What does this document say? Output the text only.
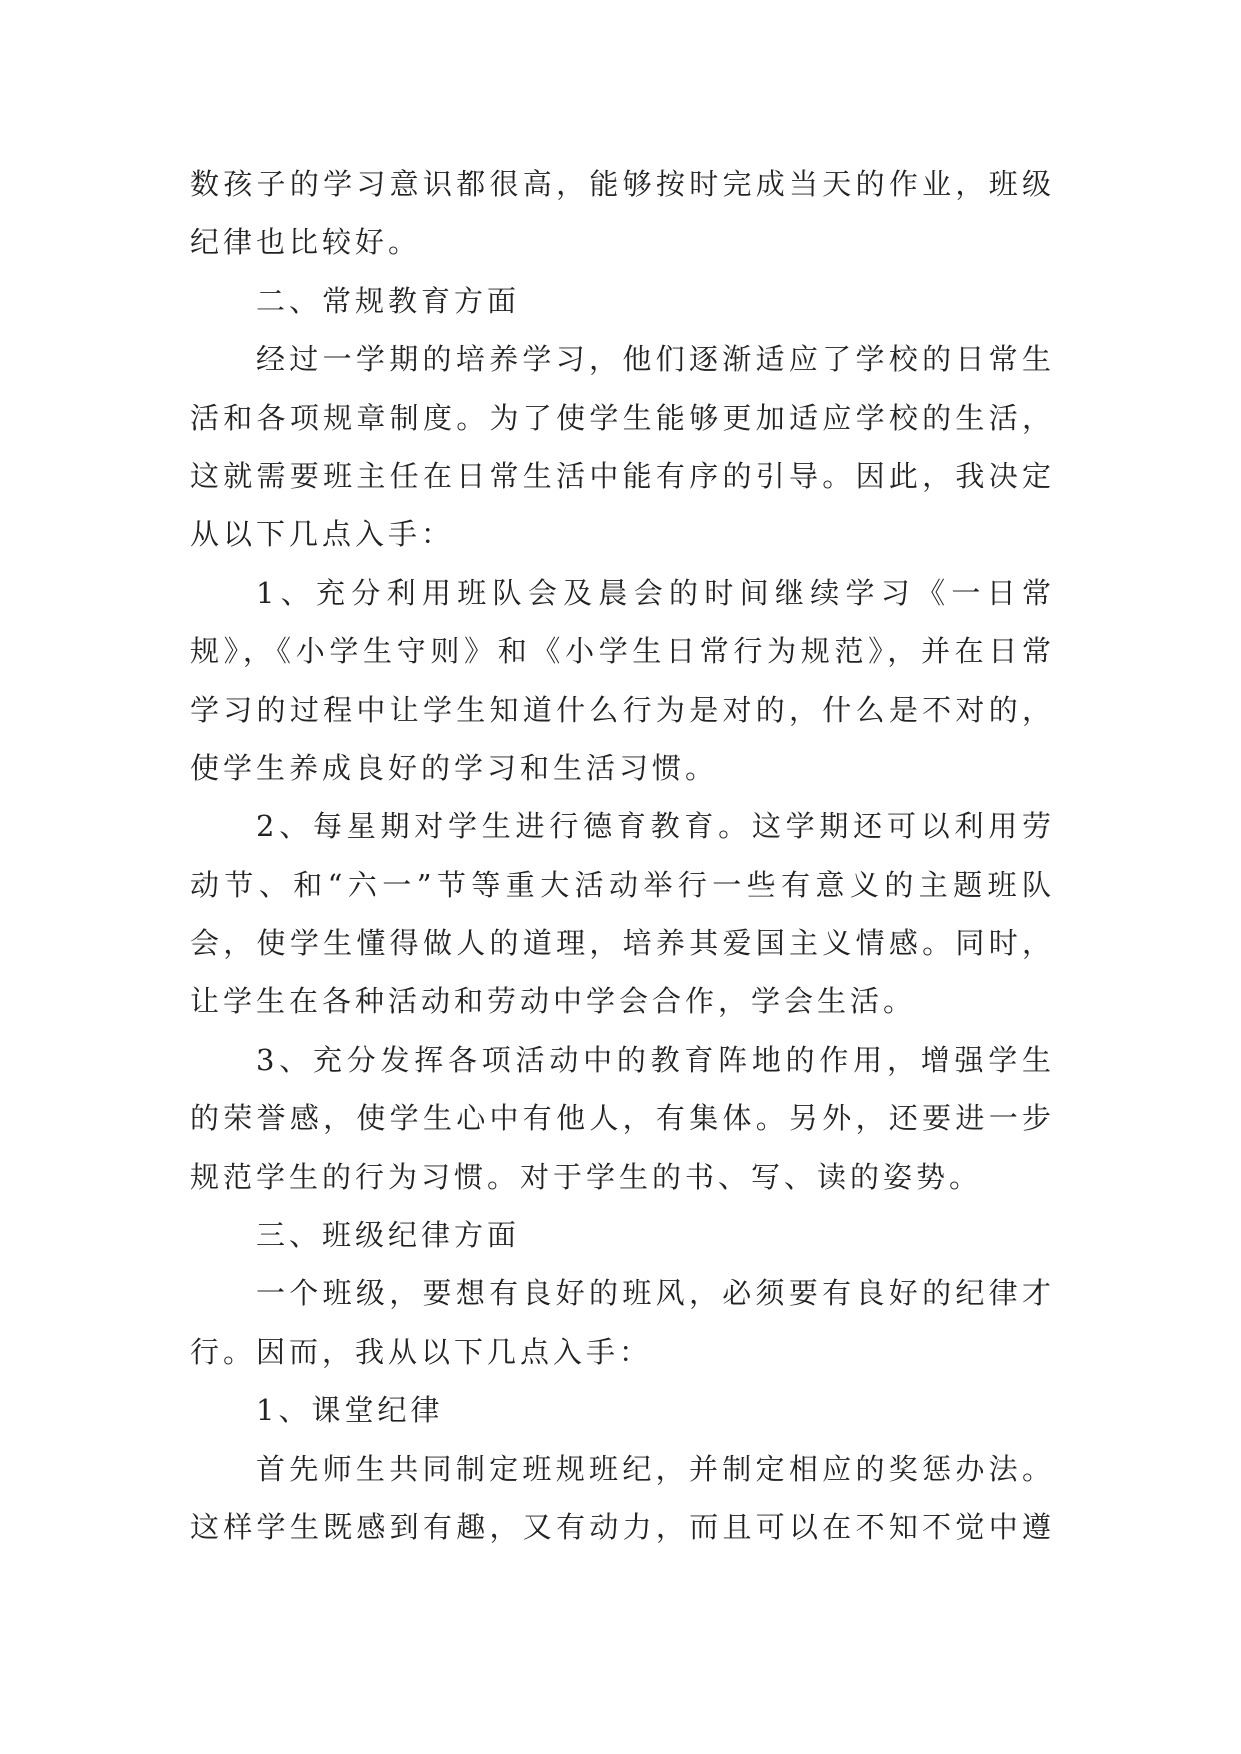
数孩子的学习意识都很高，能够按时完成当天的作业，班级
纪律也比较好。
二、常规教育方面
经过一学期的培养学习，他们逐渐适应了学校的日常生
活和各项规章制度。为了使学生能够更加适应学校的生活，
这就需要班主任在日常生活中能有序的引导。因此，我决定
从以下几点入手：
1、充分利用班队会及晨会的时间继续学习《一日常
规》，《小学生守则》和《小学生日常行为规范》，并在日常
学习的过程中让学生知道什么行为是对的，什么是不对的，
使学生养成良好的学习和生活习惯。
2、每星期对学生进行德育教育。这学期还可以利用劳
动节、和“六一”节等重大活动举行一些有意义的主题班队
会，使学生懂得做人的道理，培养其爱国主义情感。同时，
让学生在各种活动和劳动中学会合作，学会生活。
3、充分发挥各项活动中的教育阵地的作用，增强学生
的荣誉感，使学生心中有他人，有集体。另外，还要进一步
规范学生的行为习惯。对于学生的书、写、读的姿势。
三、班级纪律方面
一个班级，要想有良好的班风，必须要有良好的纪律才
行。因而，我从以下几点入手：
1、课堂纪律
首先师生共同制定班规班纪，并制定相应的奖惩办法。
这样学生既感到有趣，又有动力，而且可以在不知不觉中遵
